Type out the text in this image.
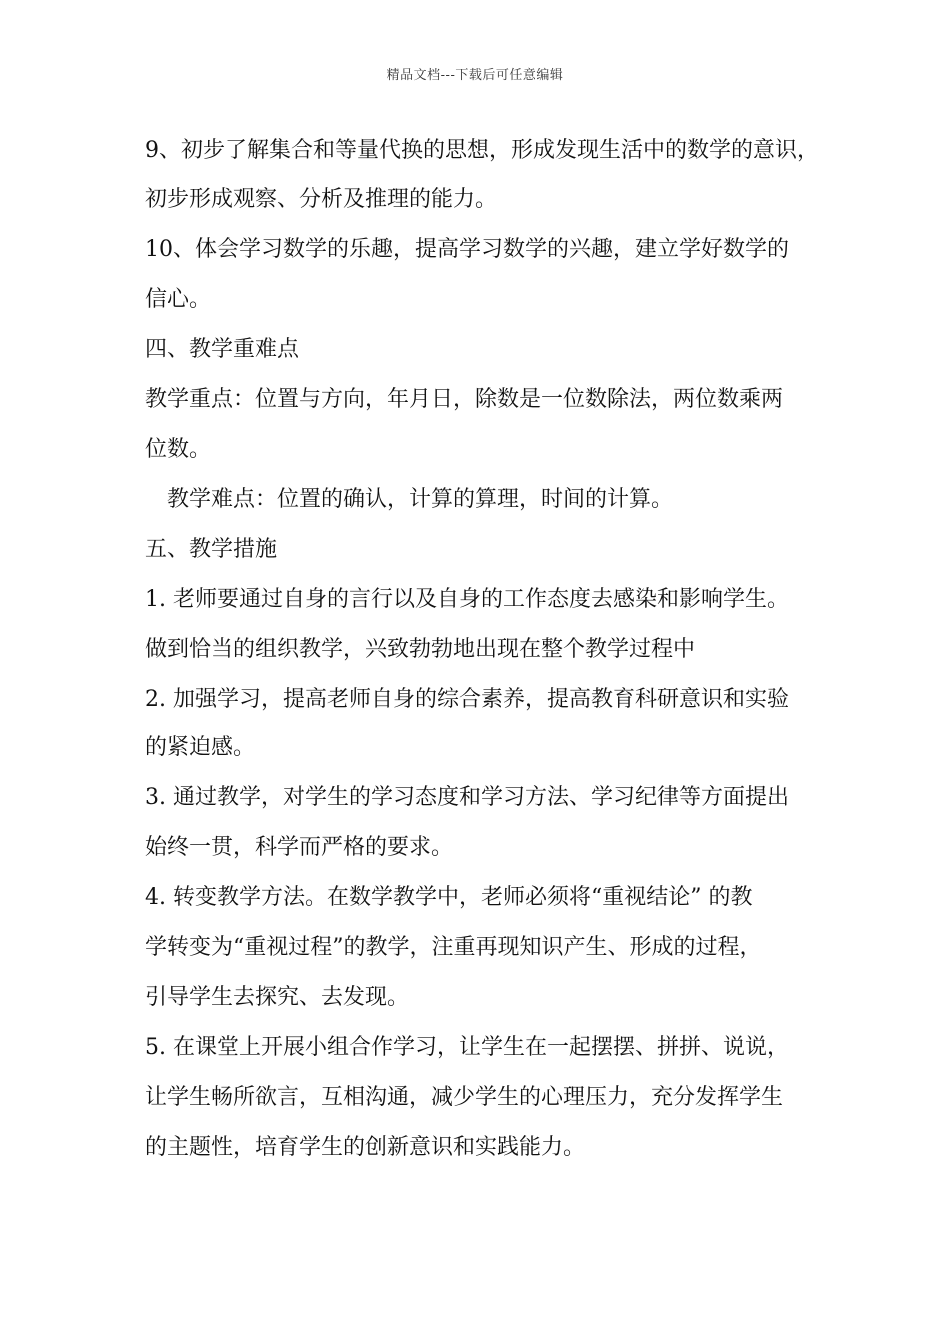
精品文档---下载后可任意编辑
9、初步了解集合和等量代换的思想，形成发现生活中的数学的意识，
初步形成观察、分析及推理的能力。
10、体会学习数学的乐趣，提高学习数学的兴趣，建立学好数学的
信心。
四、教学重难点
教学重点：位置与方向，年月日，除数是一位数除法，两位数乘两
位数。
教学难点：位置的确认，计算的算理，时间的计算。
五、教学措施
1. 老师要通过自身的言行以及自身的工作态度去感染和影响学生。
做到恰当的组织教学，兴致勃勃地出现在整个教学过程中
2. 加强学习，提高老师自身的综合素养，提高教育科研意识和实验
的紧迫感。
3. 通过教学，对学生的学习态度和学习方法、学习纪律等方面提出
始终一贯，科学而严格的要求。
4. 转变教学方法。在数学教学中，老师必须将“重视结论” 的教
学转变为“重视过程”的教学，注重再现知识产生、形成的过程，
引导学生去探究、去发现。
5. 在课堂上开展小组合作学习，让学生在一起摆摆、拼拼、说说，
让学生畅所欲言，互相沟通，减少学生的心理压力，充分发挥学生
的主题性，培育学生的创新意识和实践能力。
